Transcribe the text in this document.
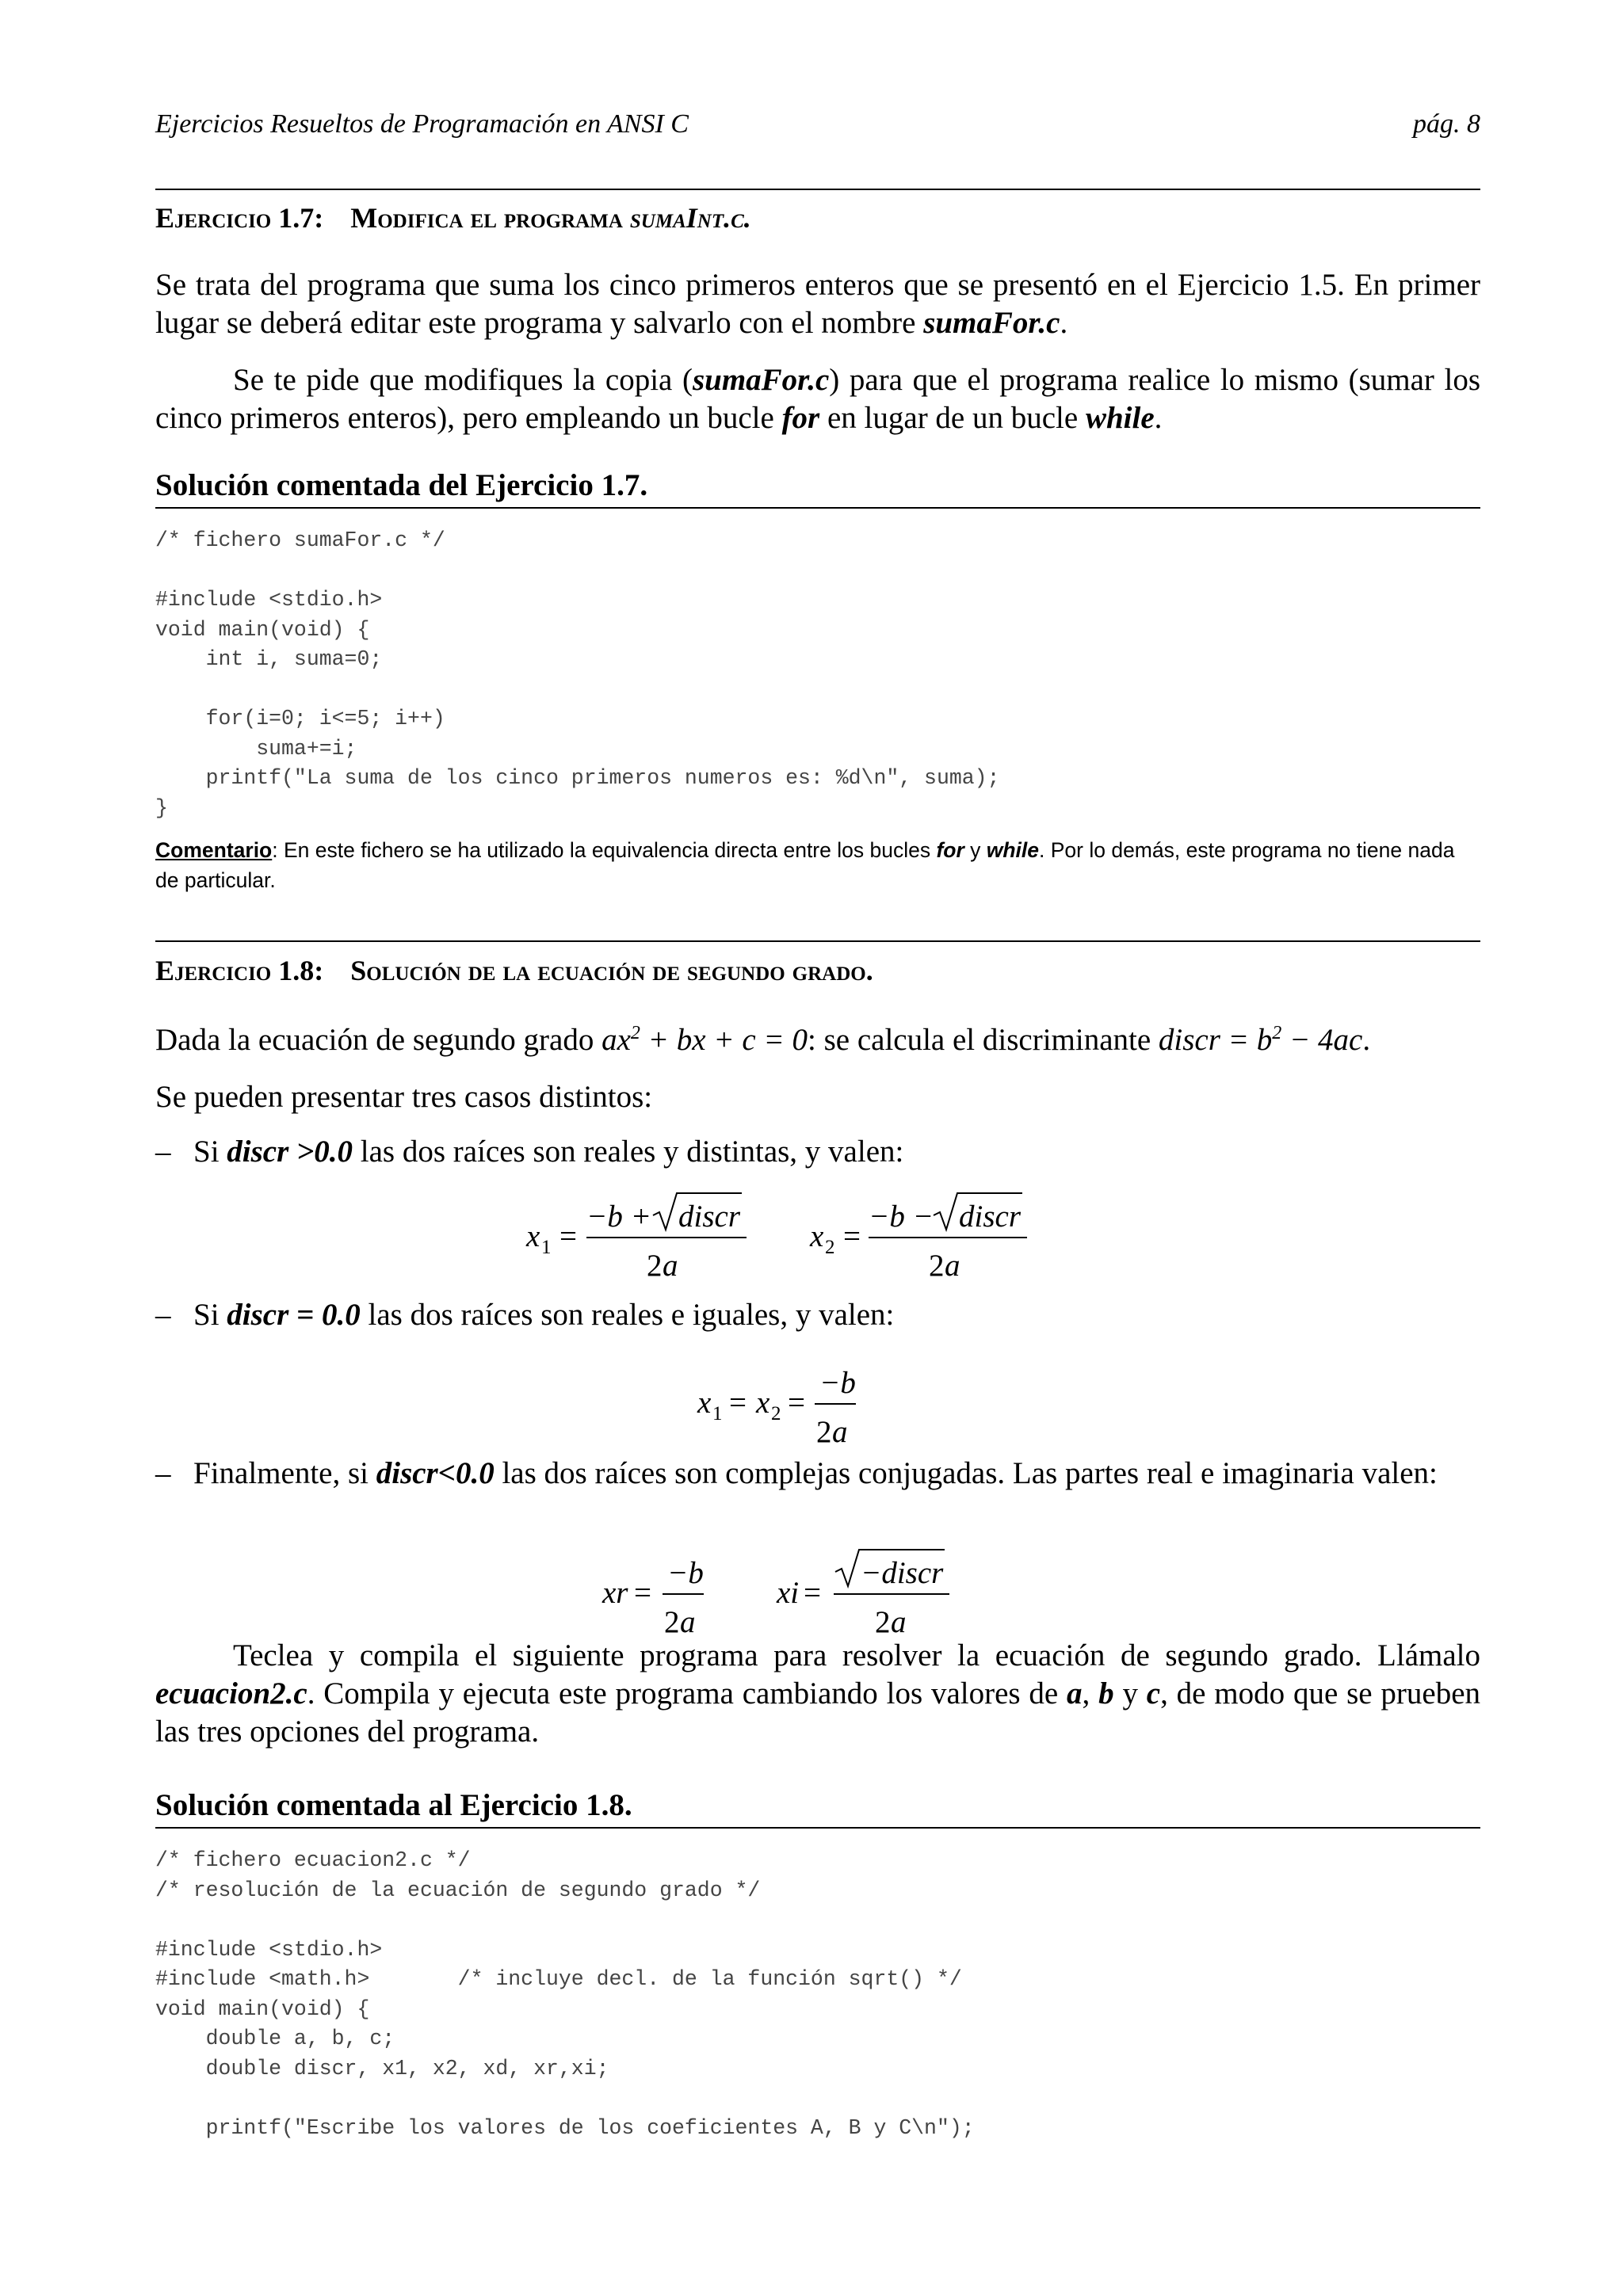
Ejercicios Resueltos de Programación en ANSI C	pág. 8
Ejercicio 1.7: Modifica el programa sumaInt.c.
Se trata del programa que suma los cinco primeros enteros que se presentó en el Ejercicio 1.5. En primer lugar se deberá editar este programa y salvarlo con el nombre sumaFor.c.
Se te pide que modifiques la copia (sumaFor.c) para que el programa realice lo mismo (sumar los cinco primeros enteros), pero empleando un bucle for en lugar de un bucle while.
Solución comentada del Ejercicio 1.7.
/* fichero sumaFor.c */

#include <stdio.h>
void main(void) {
int i, suma=0;

for(i=0; i<=5; i++)
suma+=i;
printf("La suma de los cinco primeros numeros es: %d\n", suma);
}
Comentario: En este fichero se ha utilizado la equivalencia directa entre los bucles for y while. Por lo demás, este programa no tiene nada de particular.
Ejercicio 1.8: Solución de la ecuación de segundo grado.
Dada la ecuación de segundo grado $ax^2$ + bx + c = 0: se calcula el discriminante discr = $b^2 - 4ac$.
Se pueden presentar tres casos distintos:
– Si discr >0.0 las dos raíces son reales y distintas, y valen:
x 1 =
−b + discr
2 a
x 2 =
−b − discr
2 a
– Si discr = 0.0 las dos raíces son reales e iguales, y valen:
x 1 = x 2 =
−b
2 a
– Finalmente, si discr<0.0 las dos raíces son complejas conjugadas. Las partes real e imaginaria valen:
xr =
−b
2 a
xi =
−discr
2 a
Teclea y compila el siguiente programa para resolver la ecuación de segundo grado. Llámalo ecuacion2.c. Compila y ejecuta este programa cambiando los valores de a, b y c, de modo que se prueben las tres opciones del programa.
Solución comentada al Ejercicio 1.8.
/* fichero ecuacion2.c */
/* resolución de la ecuación de segundo grado */

#include <stdio.h>
#include <math.h>       /* incluye decl. de la función sqrt() */
void main(void) {
double a, b, c;
double discr, x1, x2, xd, xr,xi;

printf("Escribe los valores de los coeficientes A, B y C\n");
